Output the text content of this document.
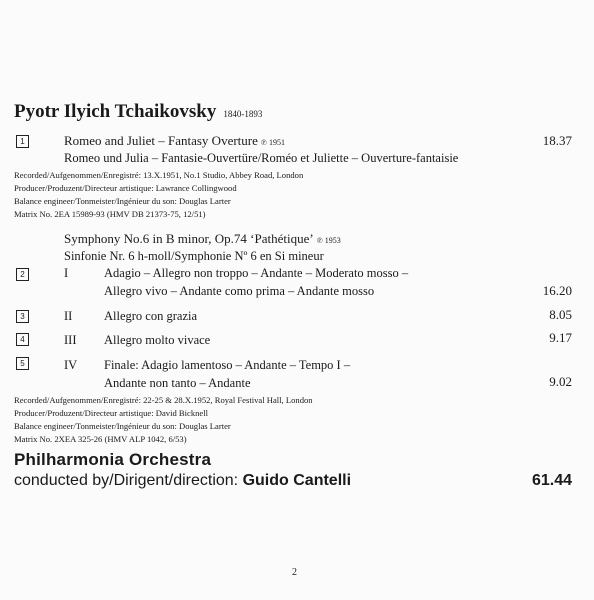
Pyotr Ilyich Tchaikovsky 1840-1893
1	Romeo and Juliet – Fantasy Overture ℗ 1951	18.37
Romeo und Julia – Fantasie-Ouvertüre/Roméo et Juliette – Ouverture-fantaisie
Recorded/Aufgenommen/Enregistré: 13.X.1951, No.1 Studio, Abbey Road, London
Producer/Produzent/Directeur artistique: Lawrance Collingwood
Balance engineer/Tonmeister/Ingénieur du son: Douglas Larter
Matrix No. 2EA 15989-93 (HMV DB 21373-75, 12/51)
Symphony No.6 in B minor, Op.74 ‘Pathétique’ ℗ 1953
Sinfonie Nr. 6 h-moll/Symphonie Nº 6 en Si mineur
2	I	Adagio – Allegro non troppo – Andante – Moderato mosso –
Allegro vivo – Andante como prima – Andante mosso	16.20
3	II	Allegro con grazia	8.05
4	III Allegro molto vivace	9.17
5	IV Finale: Adagio lamentoso – Andante – Tempo I –
Andante non tanto – Andante	9.02
Recorded/Aufgenommen/Enregistré: 22-25 & 28.X.1952, Royal Festival Hall, London
Producer/Produzent/Directeur artistique: David Bicknell
Balance engineer/Tonmeister/Ingénieur du son: Douglas Larter
Matrix No. 2XEA 325-26 (HMV ALP 1042, 6/53)
Philharmonia Orchestra
conducted by/Dirigent/direction: Guido Cantelli	61.44
2
